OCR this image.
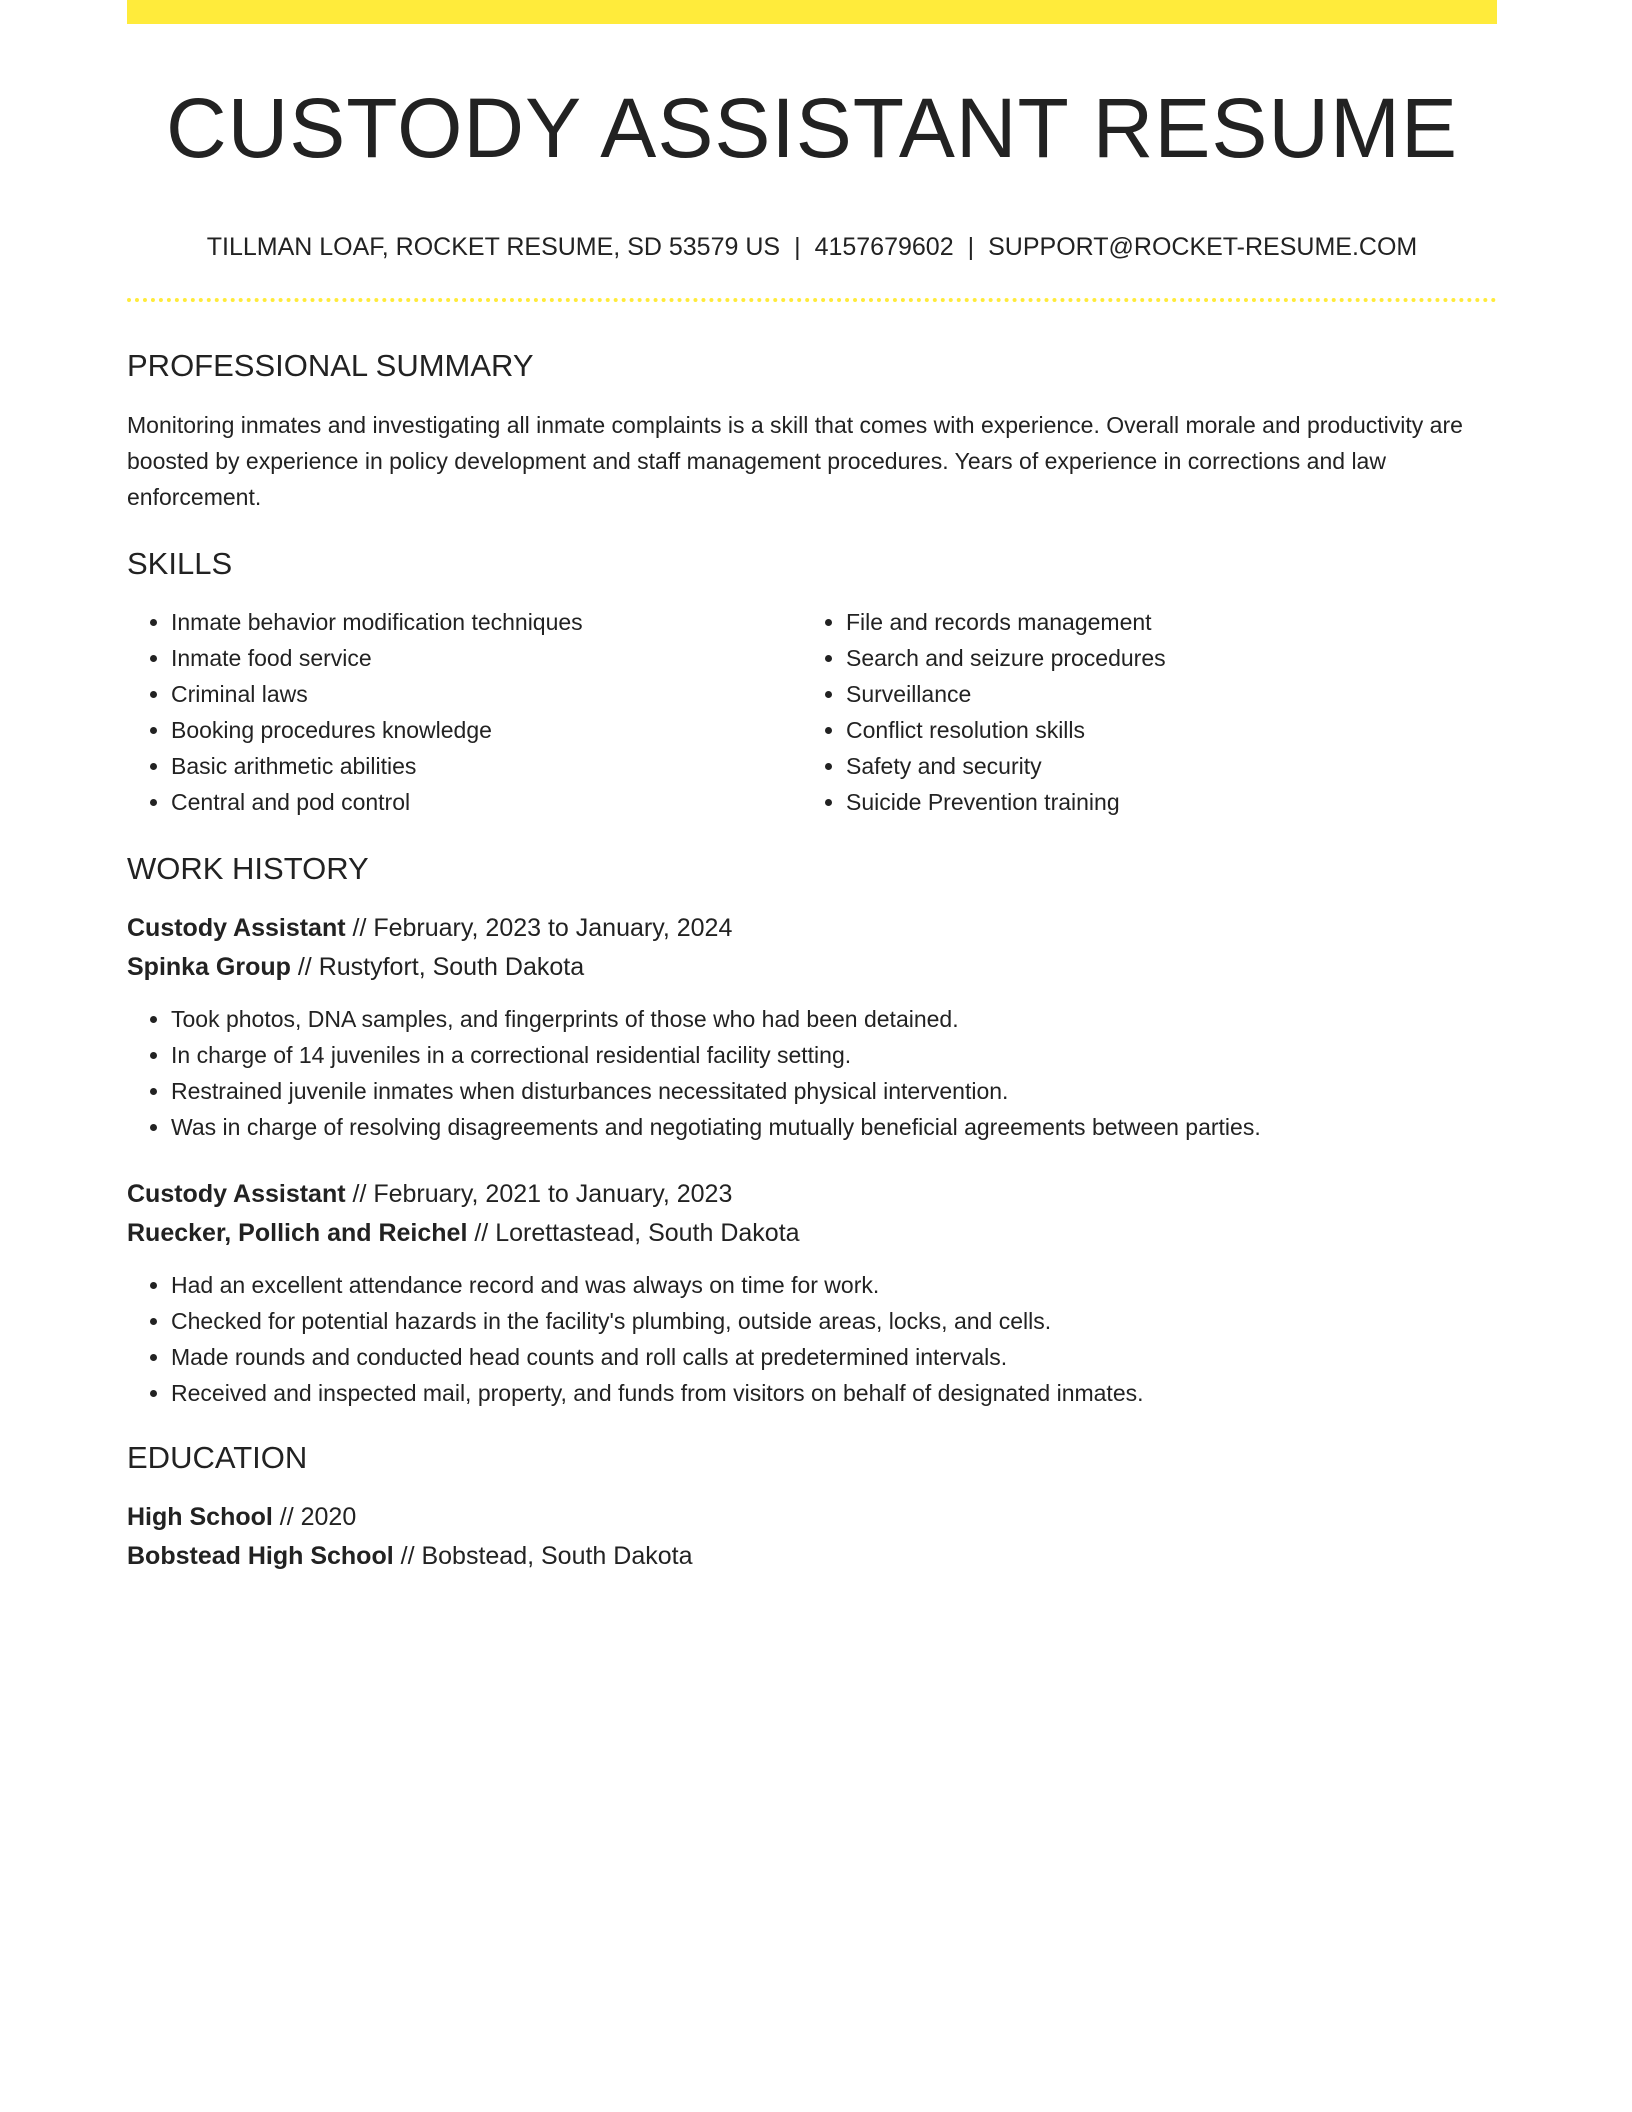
CUSTODY ASSISTANT RESUME
TILLMAN LOAF, ROCKET RESUME, SD 53579 US | 4157679602 | SUPPORT@ROCKET-RESUME.COM
PROFESSIONAL SUMMARY
Monitoring inmates and investigating all inmate complaints is a skill that comes with experience. Overall morale and productivity are boosted by experience in policy development and staff management procedures. Years of experience in corrections and law enforcement.
SKILLS
• Inmate behavior modification techniques
• Inmate food service
• Criminal laws
• Booking procedures knowledge
• Basic arithmetic abilities
• Central and pod control
• File and records management
• Search and seizure procedures
• Surveillance
• Conflict resolution skills
• Safety and security
• Suicide Prevention training
WORK HISTORY
Custody Assistant // February, 2023 to January, 2024
Spinka Group // Rustyfort, South Dakota
• Took photos, DNA samples, and fingerprints of those who had been detained.
• In charge of 14 juveniles in a correctional residential facility setting.
• Restrained juvenile inmates when disturbances necessitated physical intervention.
• Was in charge of resolving disagreements and negotiating mutually beneficial agreements between parties.
Custody Assistant // February, 2021 to January, 2023
Ruecker, Pollich and Reichel // Lorettastead, South Dakota
• Had an excellent attendance record and was always on time for work.
• Checked for potential hazards in the facility's plumbing, outside areas, locks, and cells.
• Made rounds and conducted head counts and roll calls at predetermined intervals.
• Received and inspected mail, property, and funds from visitors on behalf of designated inmates.
EDUCATION
High School // 2020
Bobstead High School // Bobstead, South Dakota
